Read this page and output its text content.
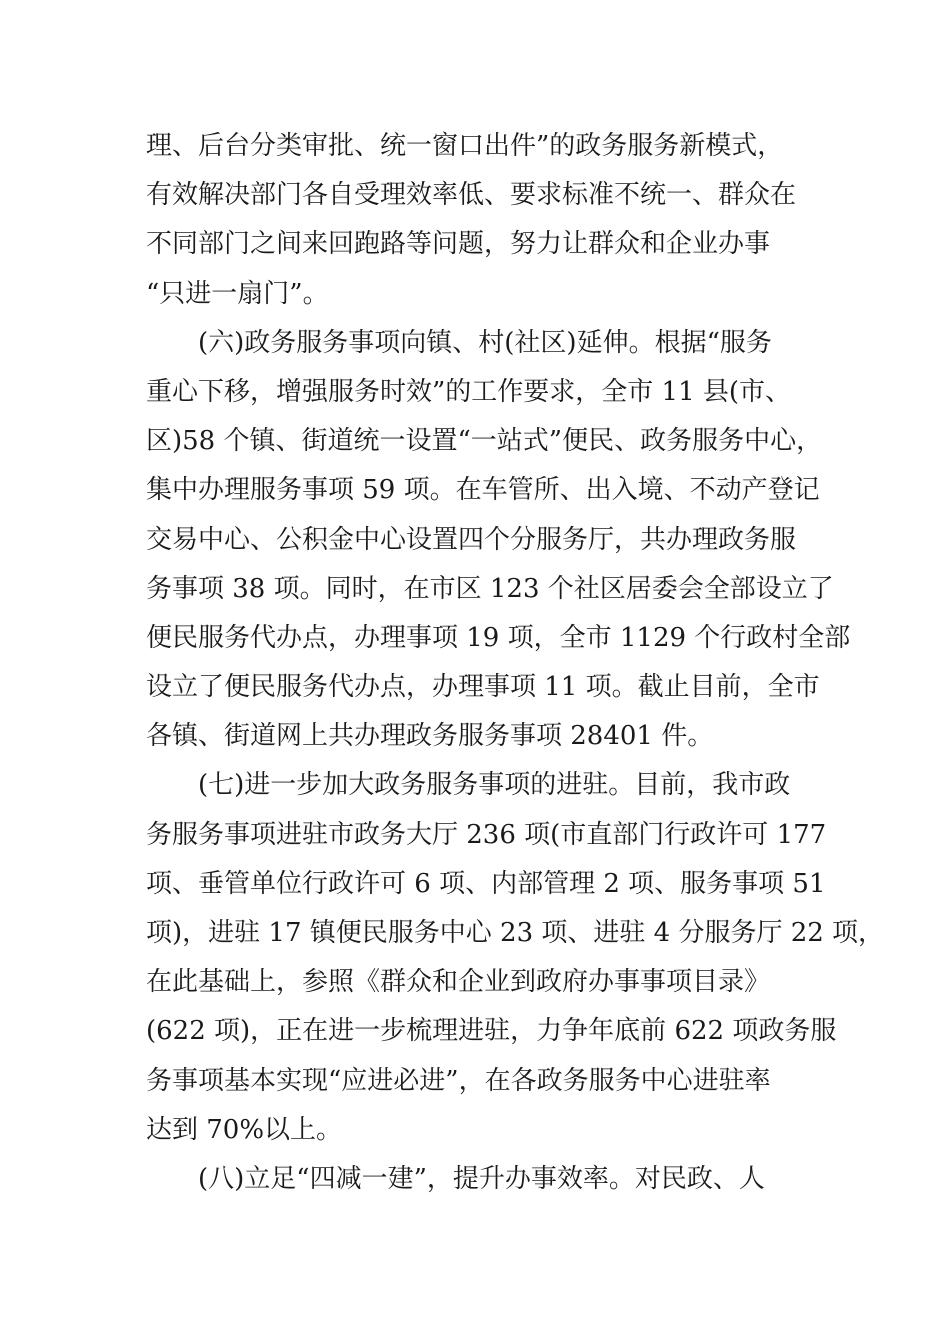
理、后台分类审批、统一窗口出件”的政务服务新模式，
有效解决部门各自受理效率低、要求标准不统一、群众在
不同部门之间来回跑路等问题，努力让群众和企业办事
“只进一扇门”。
(六)政务服务事项向镇、村(社区)延伸。根据“服务
重心下移，增强服务时效”的工作要求，全市 11 县(市、
区)58 个镇、街道统一设置“一站式”便民、政务服务中心，
集中办理服务事项 59 项。在车管所、出入境、不动产登记
交易中心、公积金中心设置四个分服务厅，共办理政务服
务事项 38 项。同时，在市区 123 个社区居委会全部设立了
便民服务代办点，办理事项 19 项，全市 1129 个行政村全部
设立了便民服务代办点，办理事项 11 项。截止目前，全市
各镇、街道网上共办理政务服务事项 28401 件。
(七)进一步加大政务服务事项的进驻。目前，我市政
务服务事项进驻市政务大厅 236 项(市直部门行政许可 177
项、垂管单位行政许可 6 项、内部管理 2 项、服务事项 51
项)，进驻 17 镇便民服务中心 23 项、进驻 4 分服务厅 22 项，
在此基础上，参照《群众和企业到政府办事事项目录》
(622 项)，正在进一步梳理进驻，力争年底前 622 项政务服
务事项基本实现“应进必进”，在各政务服务中心进驻率
达到 70%以上。
(八)立足“四减一建”，提升办事效率。对民政、人
